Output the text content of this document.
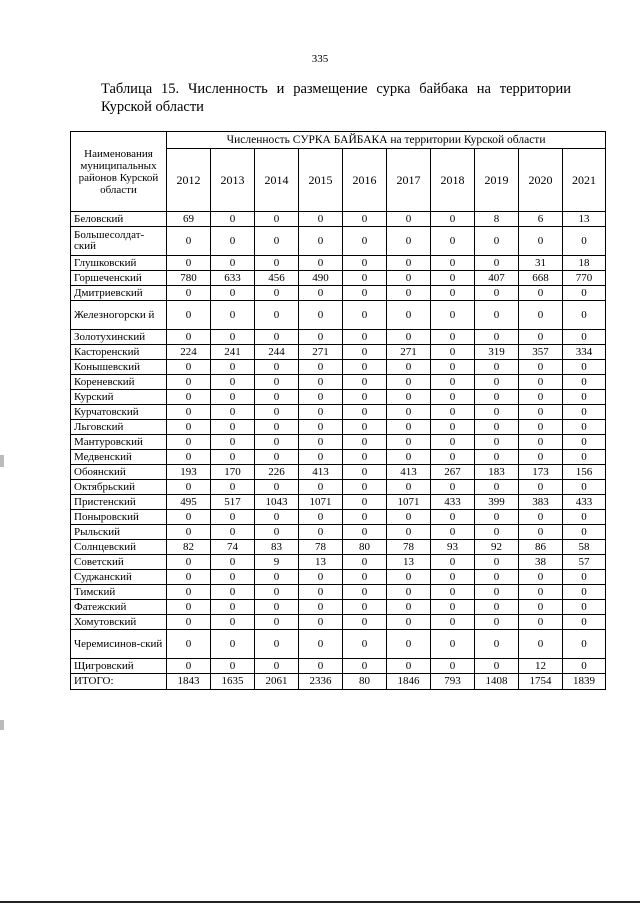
335
Таблица 15. Численность и размещение сурка байбака на территории Курской области
Наименования муниципальных районов Курской области	Численность СУРКА БАЙБАКА на территории Курской области									
	2012	2013	2014	2015	2016	2017	2018	2019	2020	2021
Беловский	69	0	0	0	0	0	0	8	6	13
Большесолдат-ский	0	0	0	0	0	0	0	0	0	0
Глушковский	0	0	0	0	0	0	0	0	31	18
Горшеченский	780	633	456	490	0	0	0	407	668	770
Дмитриевский	0	0	0	0	0	0	0	0	0	0
Железногорски й	0	0	0	0	0	0	0	0	0	0
Золотухинский	0	0	0	0	0	0	0	0	0	0
Касторенский	224	241	244	271	0	271	0	319	357	334
Конышевский	0	0	0	0	0	0	0	0	0	0
Кореневский	0	0	0	0	0	0	0	0	0	0
Курский	0	0	0	0	0	0	0	0	0	0
Курчатовский	0	0	0	0	0	0	0	0	0	0
Льговский	0	0	0	0	0	0	0	0	0	0
Мантуровский	0	0	0	0	0	0	0	0	0	0
Медвенский	0	0	0	0	0	0	0	0	0	0
Обоянский	193	170	226	413	0	413	267	183	173	156
Октябрьский	0	0	0	0	0	0	0	0	0	0
Пристенский	495	517	1043	1071	0	1071	433	399	383	433
Поныровский	0	0	0	0	0	0	0	0	0	0
Рыльский	0	0	0	0	0	0	0	0	0	0
Солнцевский	82	74	83	78	80	78	93	92	86	58
Советский	0	0	9	13	0	13	0	0	38	57
Суджанский	0	0	0	0	0	0	0	0	0	0
Тимский	0	0	0	0	0	0	0	0	0	0
Фатежский	0	0	0	0	0	0	0	0	0	0
Хомутовский	0	0	0	0	0	0	0	0	0	0
Черемисинов-ский	0	0	0	0	0	0	0	0	0	0
Щигровский	0	0	0	0	0	0	0	0	12	0
ИТОГО:	1843	1635	2061	2336	80	1846	793	1408	1754	1839
